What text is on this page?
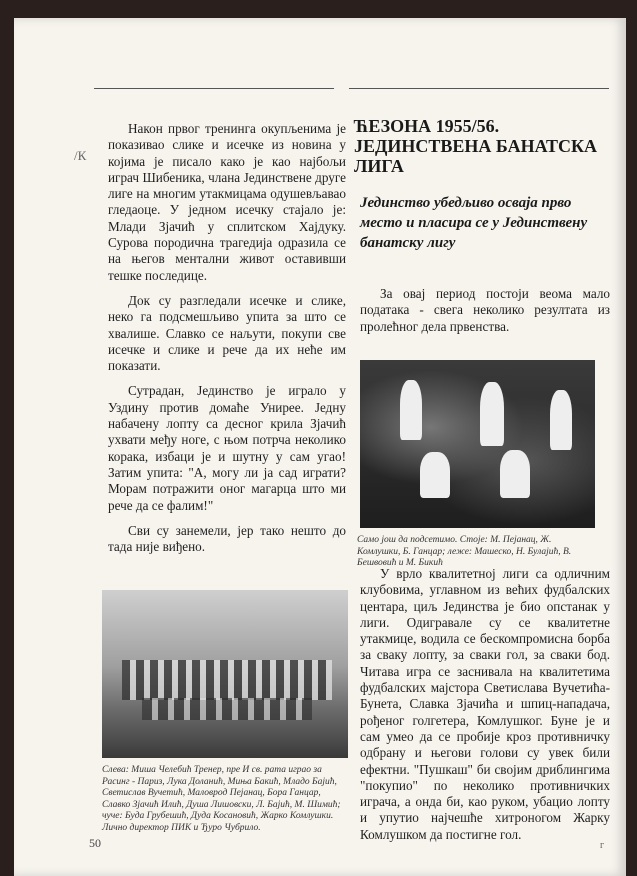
/К

Након првог тренинга окупљенима је показивао слике и исечке из новина у којима је писало како је као најбољи играч Шибеника, члана Јединствене друге лиге на многим утакмицама одушевљавао гледаоце. У једном исечку стајало је: Млади Зјачић у сплитском Хајдуку. Сурова породична трагедија одразила се на његов ментални живот оставивши тешке последице.

Док су разгледали исечке и слике, неко га подсмешљиво упита за што се хвалише. Славко се наљути, покупи све исечке и слике и рече да их неће им показати.

Сутрадан, Јединство је играло у Уздину против домаће Униреe. Једну набачену лопту са десног крила Зјачић ухвати међу ноге, с њом потрча неколико корака, избаци је и шутну у сам угао! Затим упита: "А, могу ли ја сад играти? Морам потражити оног магарца што ми рече да се фалим!"

Сви су занемели, јер тако нешто до тада није виђено.

ЋЕЗОНА 1955/56. ЈЕДИНСТВЕНА БАНАТСКА ЛИГА
Јединство убедљиво осваја прво место и пласира се у Јединствену банатску лигу

За овај период постоји веома мало података - свега неколико резултата из пролећног дела првенства.

Само још да подсетимо. Стоје: М. Пејанац, Ж. Комлушки, Б. Ганцар; леже: Машеско, Н. Булајић, В. Бешвовић и М. Бикић

У врло квалитетној лиги са одличним клубовима, углавном из већих фудбалских центара, циљ Јединства је био опстанак у лиги. Одигравале су се квалитетне утакмице, водила се бескомпромисна борба за сваку лопту, за сваки гол, за сваки бод. Читава игра се заснивала на квалитетима фудбалских мајстора Светислава Вучетића-Бунета, Славка Зјачића и шпиц-нападача, рођеног голгетера, Комлушког. Буне је и сам умео да се пробије кроз противничку одбрану и његови голови су увек били ефектни. "Пушкаш" би својим дриблингима "покупио" по неколико противничких играча, а онда би, као руком, убацио лопту и упутио најчешће хитроногом Жарку Комлушком да постигне гол.

Слева: Миша Челебић Тренер, пре И св. рата играо за Расинг - Париз, Лука Доланић, Миња Бакић, Младо Бајић, Светислав Вучетић, Маловрод Пејанац, Бора Ганцар, Славко Зјачић Илић, Душа Лишовски, Л. Бајић, М. Шимић; чуче: Буда Грубешић, Дуда Косановић, Жарко Комлушки. Лично директор ПИК и Ђуро Чубрило.
50	г
